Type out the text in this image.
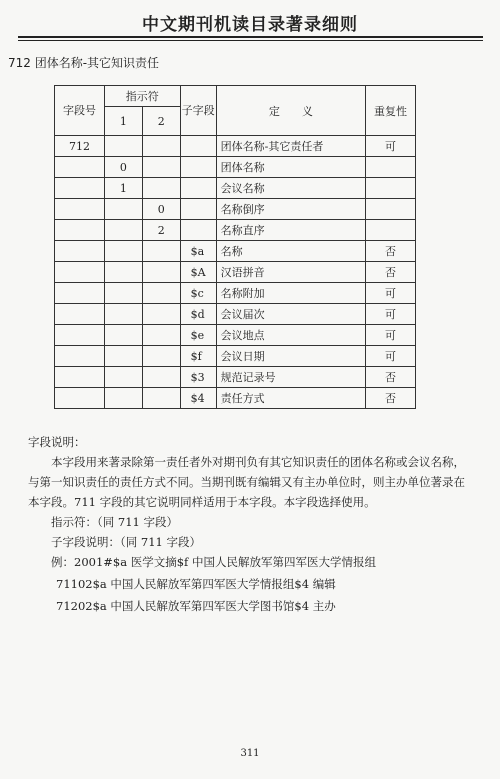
中文期刊机读目录著录细则
712 团体名称-其它知识责任
字段号	指示符		子字段	定　　义	重复性
	1	2			
712				团体名称-其它责任者	可
	0			团体名称	
	1			会议名称	
		0		名称倒序	
		2		名称直序	
			$a	名称	否
			$A	汉语拼音	否
			$c	名称附加	可
			$d	会议届次	可
			$e	会议地点	可
			$f	会议日期	可
			$3	规范记录号	否
			$4	责任方式	否
字段说明：
本字段用来著录除第一责任者外对期刊负有其它知识责任的团体名称或会议名称，与第一知识责任的责任方式不同。当期刊既有编辑又有主办单位时，则主办单位著录在本字段。711 字段的其它说明同样适用于本字段。本字段选择使用。
指示符：（同 711 字段）
子字段说明：（同 711 字段）
例：2001#$a 医学文摘$f 中国人民解放军第四军医大学情报组
71102$a 中国人民解放军第四军医大学情报组$4 编辑
71202$a 中国人民解放军第四军医大学图书馆$4 主办
311
